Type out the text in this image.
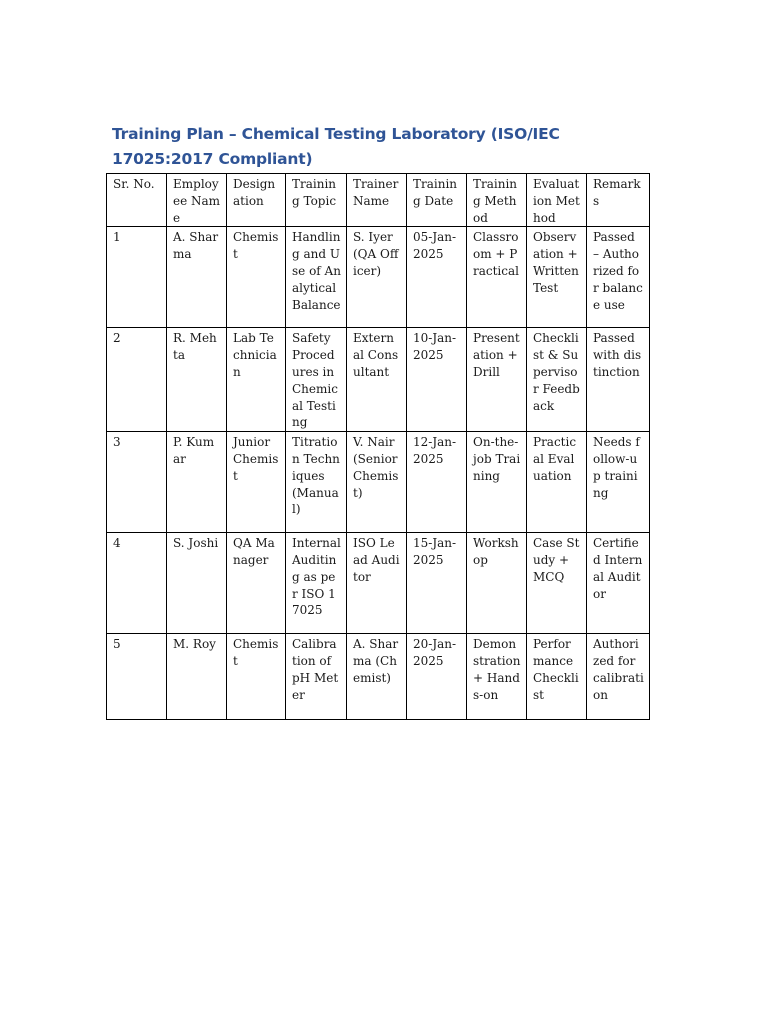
Training Plan – Chemical Testing Laboratory (ISO/IEC 17025:2017 Compliant)
Sr. No.	Employee Name	Designation	Training Topic	Trainer Name	Training Date	Training Method	Evaluation Method	Remarks
1	A. Sharma	Chemist	Handling and Use of Analytical Balance	S. Iyer (QA Officer)	05-Jan-2025	Classroom + Practical	Observation + Written Test	Passed – Authorized for balance use
2	R. Mehta	Lab Technician	Safety Procedures in Chemical Testing	External Consultant	10-Jan-2025	Presentation + Drill	Checklist & Supervisor Feedback	Passed with distinction
3	P. Kumar	Junior Chemist	Titration Techniques (Manual)	V. Nair (Senior Chemist)	12-Jan-2025	On-the-job Training	Practical Evaluation	Needs follow-up training
4	S. Joshi	QA Manager	Internal Auditing as per ISO 17025	ISO Lead Auditor	15-Jan-2025	Workshop	Case Study + MCQ	Certified Internal Auditor
5	M. Roy	Chemist	Calibration of pH Meter	A. Sharma (Chemist)	20-Jan-2025	Demonstration + Hands-on	Performance Checklist	Authorized for calibration
